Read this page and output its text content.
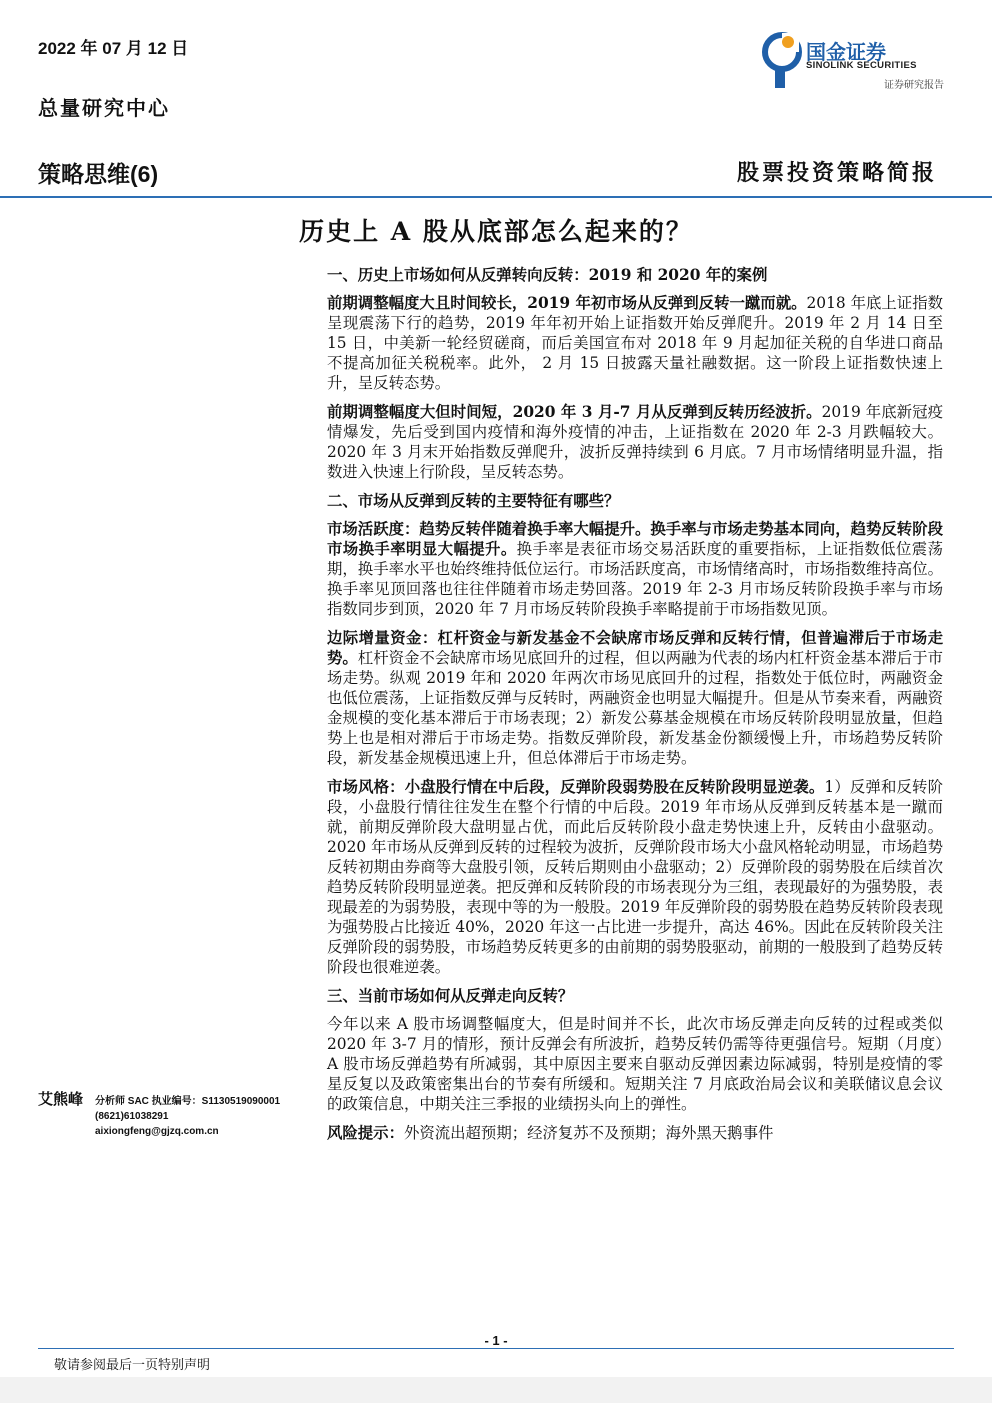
2022 年 07 月 12 日
总量研究中心
策略思维(6)	股票投资策略简报
国金证券
SINOLINK SECURITIES
证券研究报告
历史上 A 股从底部怎么起来的？
一、历史上市场如何从反弹转向反转：2019 和 2020 年的案例
前期调整幅度大且时间较长，2019 年初市场从反弹到反转一蹴而就。2018 年底上证指数呈现震荡下行的趋势，2019 年年初开始上证指数开始反弹爬升。2019 年 2 月 14 日至 15 日，中美新一轮经贸磋商，而后美国宣布对 2018 年 9 月起加征关税的自华进口商品不提高加征关税税率。此外， 2 月 15 日披露天量社融数据。这一阶段上证指数快速上升，呈反转态势。
前期调整幅度大但时间短，2020 年 3 月-7 月从反弹到反转历经波折。2019 年底新冠疫情爆发，先后受到国内疫情和海外疫情的冲击，上证指数在 2020 年 2-3 月跌幅较大。2020 年 3 月末开始指数反弹爬升，波折反弹持续到 6 月底。7 月市场情绪明显升温，指数进入快速上行阶段，呈反转态势。
二、市场从反弹到反转的主要特征有哪些？
市场活跃度：趋势反转伴随着换手率大幅提升。换手率与市场走势基本同向，趋势反转阶段市场换手率明显大幅提升。换手率是表征市场交易活跃度的重要指标，上证指数低位震荡期，换手率水平也始终维持低位运行。市场活跃度高，市场情绪高时，市场指数维持高位。换手率见顶回落也往往伴随着市场走势回落。2019 年 2-3 月市场反转阶段换手率与市场指数同步到顶，2020 年 7 月市场反转阶段换手率略提前于市场指数见顶。
边际增量资金：杠杆资金与新发基金不会缺席市场反弹和反转行情，但普遍滞后于市场走势。杠杆资金不会缺席市场见底回升的过程，但以两融为代表的场内杠杆资金基本滞后于市场走势。纵观 2019 年和 2020 年两次市场见底回升的过程，指数处于低位时，两融资金也低位震荡，上证指数反弹与反转时，两融资金也明显大幅提升。但是从节奏来看，两融资金规模的变化基本滞后于市场表现；2）新发公募基金规模在市场反转阶段明显放量，但趋势上也是相对滞后于市场走势。指数反弹阶段，新发基金份额缓慢上升，市场趋势反转阶段，新发基金规模迅速上升，但总体滞后于市场走势。
市场风格：小盘股行情在中后段，反弹阶段弱势股在反转阶段明显逆袭。1）反弹和反转阶段，小盘股行情往往发生在整个行情的中后段。2019 年市场从反弹到反转基本是一蹴而就，前期反弹阶段大盘明显占优，而此后反转阶段小盘走势快速上升，反转由小盘驱动。2020 年市场从反弹到反转的过程较为波折，反弹阶段市场大小盘风格轮动明显，市场趋势反转初期由券商等大盘股引领，反转后期则由小盘驱动；2）反弹阶段的弱势股在后续首次趋势反转阶段明显逆袭。把反弹和反转阶段的市场表现分为三组，表现最好的为强势股，表现最差的为弱势股，表现中等的为一般股。2019 年反弹阶段的弱势股在趋势反转阶段表现为强势股占比接近 40%，2020 年这一占比进一步提升，高达 46%。因此在反转阶段关注反弹阶段的弱势股，市场趋势反转更多的由前期的弱势股驱动，前期的一般股到了趋势反转阶段也很难逆袭。
三、当前市场如何从反弹走向反转？
今年以来 A 股市场调整幅度大，但是时间并不长，此次市场反弹走向反转的过程或类似 2020 年 3-7 月的情形，预计反弹会有所波折，趋势反转仍需等待更强信号。短期（月度）A 股市场反弹趋势有所减弱，其中原因主要来自驱动反弹因素边际减弱，特别是疫情的零星反复以及政策密集出台的节奏有所缓和。短期关注 7 月底政治局会议和美联储议息会议的政策信息，中期关注三季报的业绩拐头向上的弹性。
风险提示：外资流出超预期；经济复苏不及预期；海外黑天鹅事件
艾熊峰 分析师 SAC 执业编号：S1130519090001
(8621)61038291
aixiongfeng@gjzq.com.cn
- 1 -
敬请参阅最后一页特别声明
